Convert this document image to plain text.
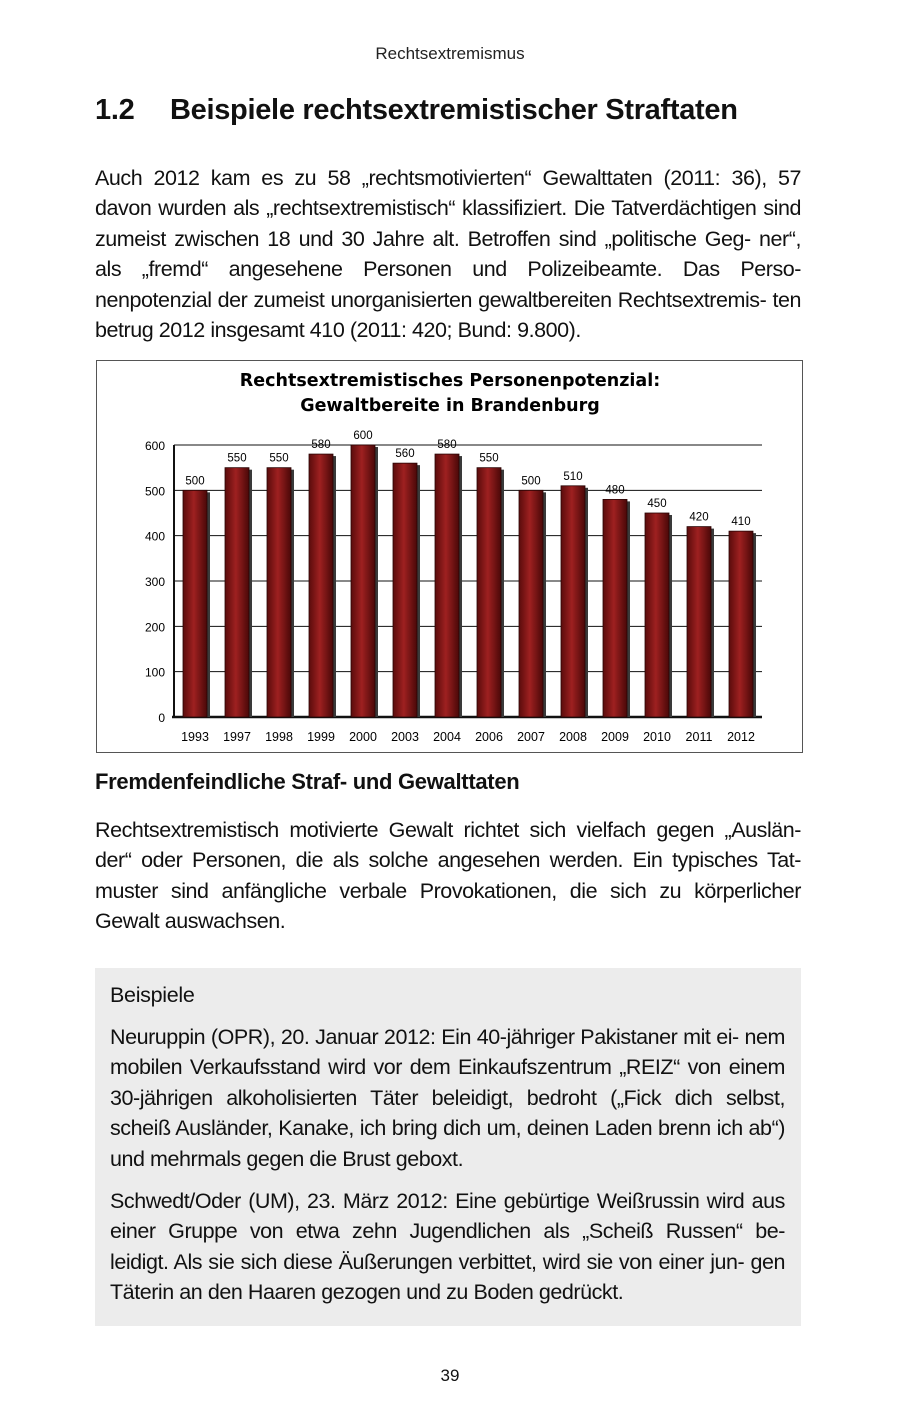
Rechtsextremismus
1.2 Beispiele rechtsextremistischer Straftaten
Auch 2012 kam es zu 58 „rechtsmotivierten“ Gewalttaten (2011: 36), 57 davon wurden als „rechtsextremistisch“ klassifiziert. Die Tatverdächtigen sind zumeist zwischen 18 und 30 Jahre alt. Betroffen sind „politische Geg- ner“, als „fremd“ angesehene Personen und Polizeibeamte. Das Perso- nenpotenzial der zumeist unorganisierten gewaltbereiten Rechtsextremis- ten betrug 2012 insgesamt 410 (2011: 420; Bund: 9.800).
Rechtsextremistisches Personenpotenzial:
Gewaltbereite in Brandenburg
0
100
200
300
400
500
600
500
1993
550
1997
550
1998
580
1999
600
2000
560
2003
580
2004
550
2006
500
2007
510
2008
480
2009
450
2010
420
2011
410
2012
Fremdenfeindliche Straf- und Gewalttaten
Rechtsextremistisch motivierte Gewalt richtet sich vielfach gegen „Auslän- der“ oder Personen, die als solche angesehen werden. Ein typisches Tat- muster sind anfängliche verbale Provokationen, die sich zu körperlicher Gewalt auswachsen.
Beispiele
Neuruppin (OPR), 20. Januar 2012: Ein 40-jähriger Pakistaner mit ei- nem mobilen Verkaufsstand wird vor dem Einkaufszentrum „REIZ“ von einem 30-jährigen alkoholisierten Täter beleidigt, bedroht („Fick dich selbst, scheiß Ausländer, Kanake, ich bring dich um, deinen Laden brenn ich ab“) und mehrmals gegen die Brust geboxt.
Schwedt/Oder (UM), 23. März 2012: Eine gebürtige Weißrussin wird aus einer Gruppe von etwa zehn Jugendlichen als „Scheiß Russen“ be- leidigt. Als sie sich diese Äußerungen verbittet, wird sie von einer jun- gen Täterin an den Haaren gezogen und zu Boden gedrückt.
39
